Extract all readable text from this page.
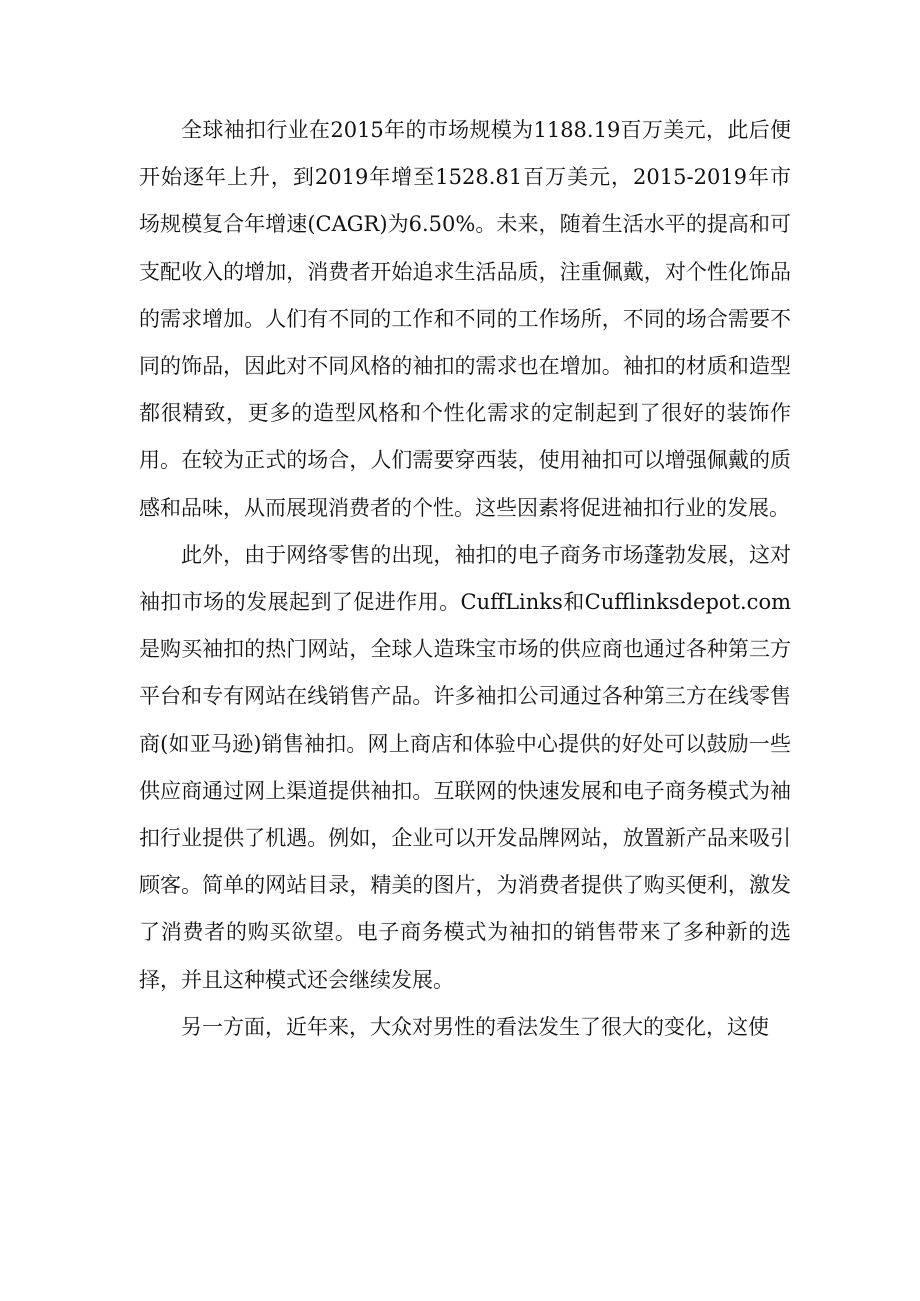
全球袖扣行业在2015年的市场规模为1188.19百万美元，此后便开始逐年上升，到2019年增至1528.81百万美元，2015-2019年市场规模复合年增速(CAGR)为6.50%。未来，随着生活水平的提高和可支配收入的增加，消费者开始追求生活品质，注重佩戴，对个性化饰品的需求增加。人们有不同的工作和不同的工作场所，不同的场合需要不同的饰品，因此对不同风格的袖扣的需求也在增加。袖扣的材质和造型都很精致，更多的造型风格和个性化需求的定制起到了很好的装饰作用。在较为正式的场合，人们需要穿西装，使用袖扣可以增强佩戴的质感和品味，从而展现消费者的个性。这些因素将促进袖扣行业的发展。

此外，由于网络零售的出现，袖扣的电子商务市场蓬勃发展，这对袖扣市场的发展起到了促进作用。CuffLinks和Cufflinksdepot.com是购买袖扣的热门网站，全球人造珠宝市场的供应商也通过各种第三方平台和专有网站在线销售产品。许多袖扣公司通过各种第三方在线零售商(如亚马逊)销售袖扣。网上商店和体验中心提供的好处可以鼓励一些供应商通过网上渠道提供袖扣。互联网的快速发展和电子商务模式为袖扣行业提供了机遇。例如，企业可以开发品牌网站，放置新产品来吸引顾客。简单的网站目录，精美的图片，为消费者提供了购买便利，激发了消费者的购买欲望。电子商务模式为袖扣的销售带来了多种新的选择，并且这种模式还会继续发展。

另一方面，近年来，大众对男性的看法发生了很大的变化，这使
